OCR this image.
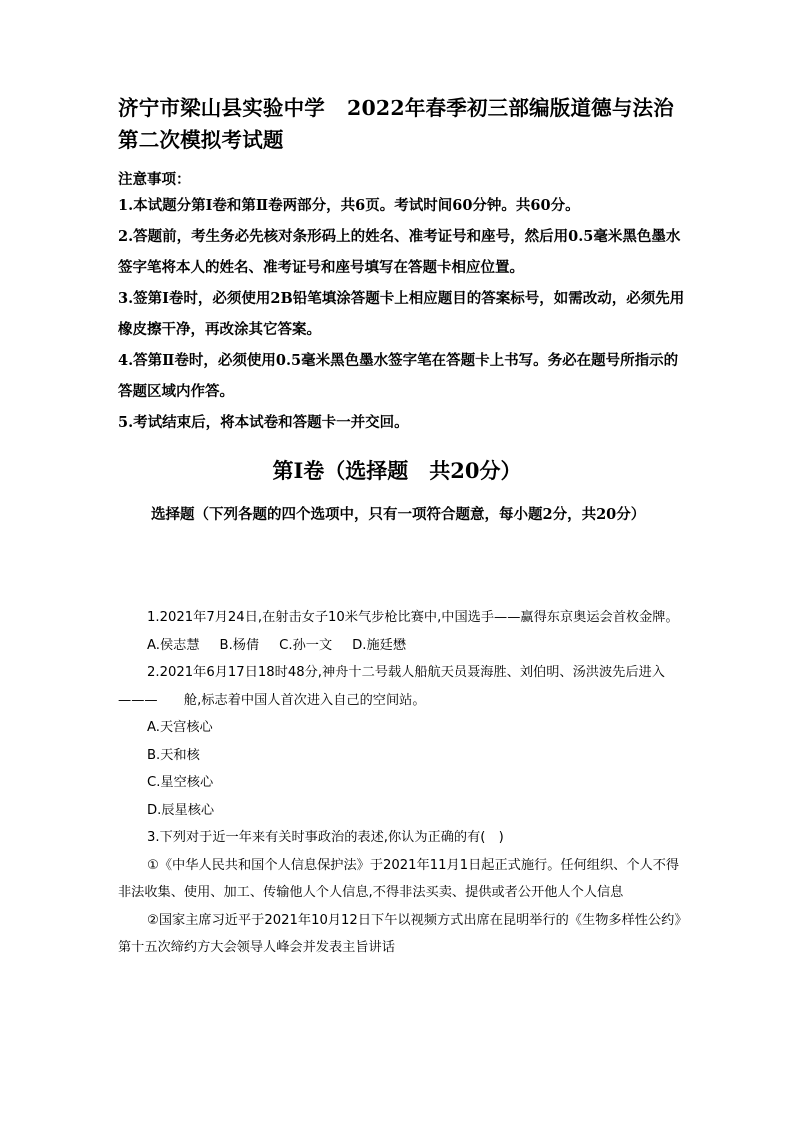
济宁市梁山县实验中学 2022年春季初三部编版道德与法治第二次模拟考试题
注意事项：
1.本试题分第Ⅰ卷和第Ⅱ卷两部分，共6页。考试时间60分钟。共60分。
2.答题前，考生务必先核对条形码上的姓名、准考证号和座号，然后用0.5毫米黑色墨水签字笔将本人的姓名、准考证号和座号填写在答题卡相应位置。
3.签第Ⅰ卷时，必须使用2B铅笔填涂答题卡上相应题目的答案标号，如需改动，必须先用橡皮擦干净，再改涂其它答案。
4.答第Ⅱ卷时，必须使用0.5毫米黑色墨水签字笔在答题卡上书写。务必在题号所指示的答题区域内作答。
5.考试结束后，将本试卷和答题卡一并交回。
第Ⅰ卷（选择题　共20分）
选择题（下列各题的四个选项中，只有一项符合题意，每小题2分，共20分）

1.2021年7月24日,在射击女子10米气步枪比赛中,中国选手——赢得东京奥运会首枚金牌。

A.侯志慧 B.杨倩 C.孙一文 D.施廷懋

2.2021年6月17日18时48分,神舟十二号载人船航天员聂海胜、刘伯明、汤洪波先后进入———　　舱,标志着中国人首次进入自己的空间站。

A.天宫核心

B.天和核

C.星空核心

D.辰星核心

3.下列对于近一年来有关时事政治的表述,你认为正确的有(　)

①《中华人民共和国个人信息保护法》于2021年11月1日起正式施行。任何组织、个人不得非法收集、使用、加工、传输他人个人信息,不得非法买卖、提供或者公开他人个人信息

②国家主席习近平于2021年10月12日下午以视频方式出席在昆明举行的《生物多样性公约》第十五次缔约方大会领导人峰会并发表主旨讲话
